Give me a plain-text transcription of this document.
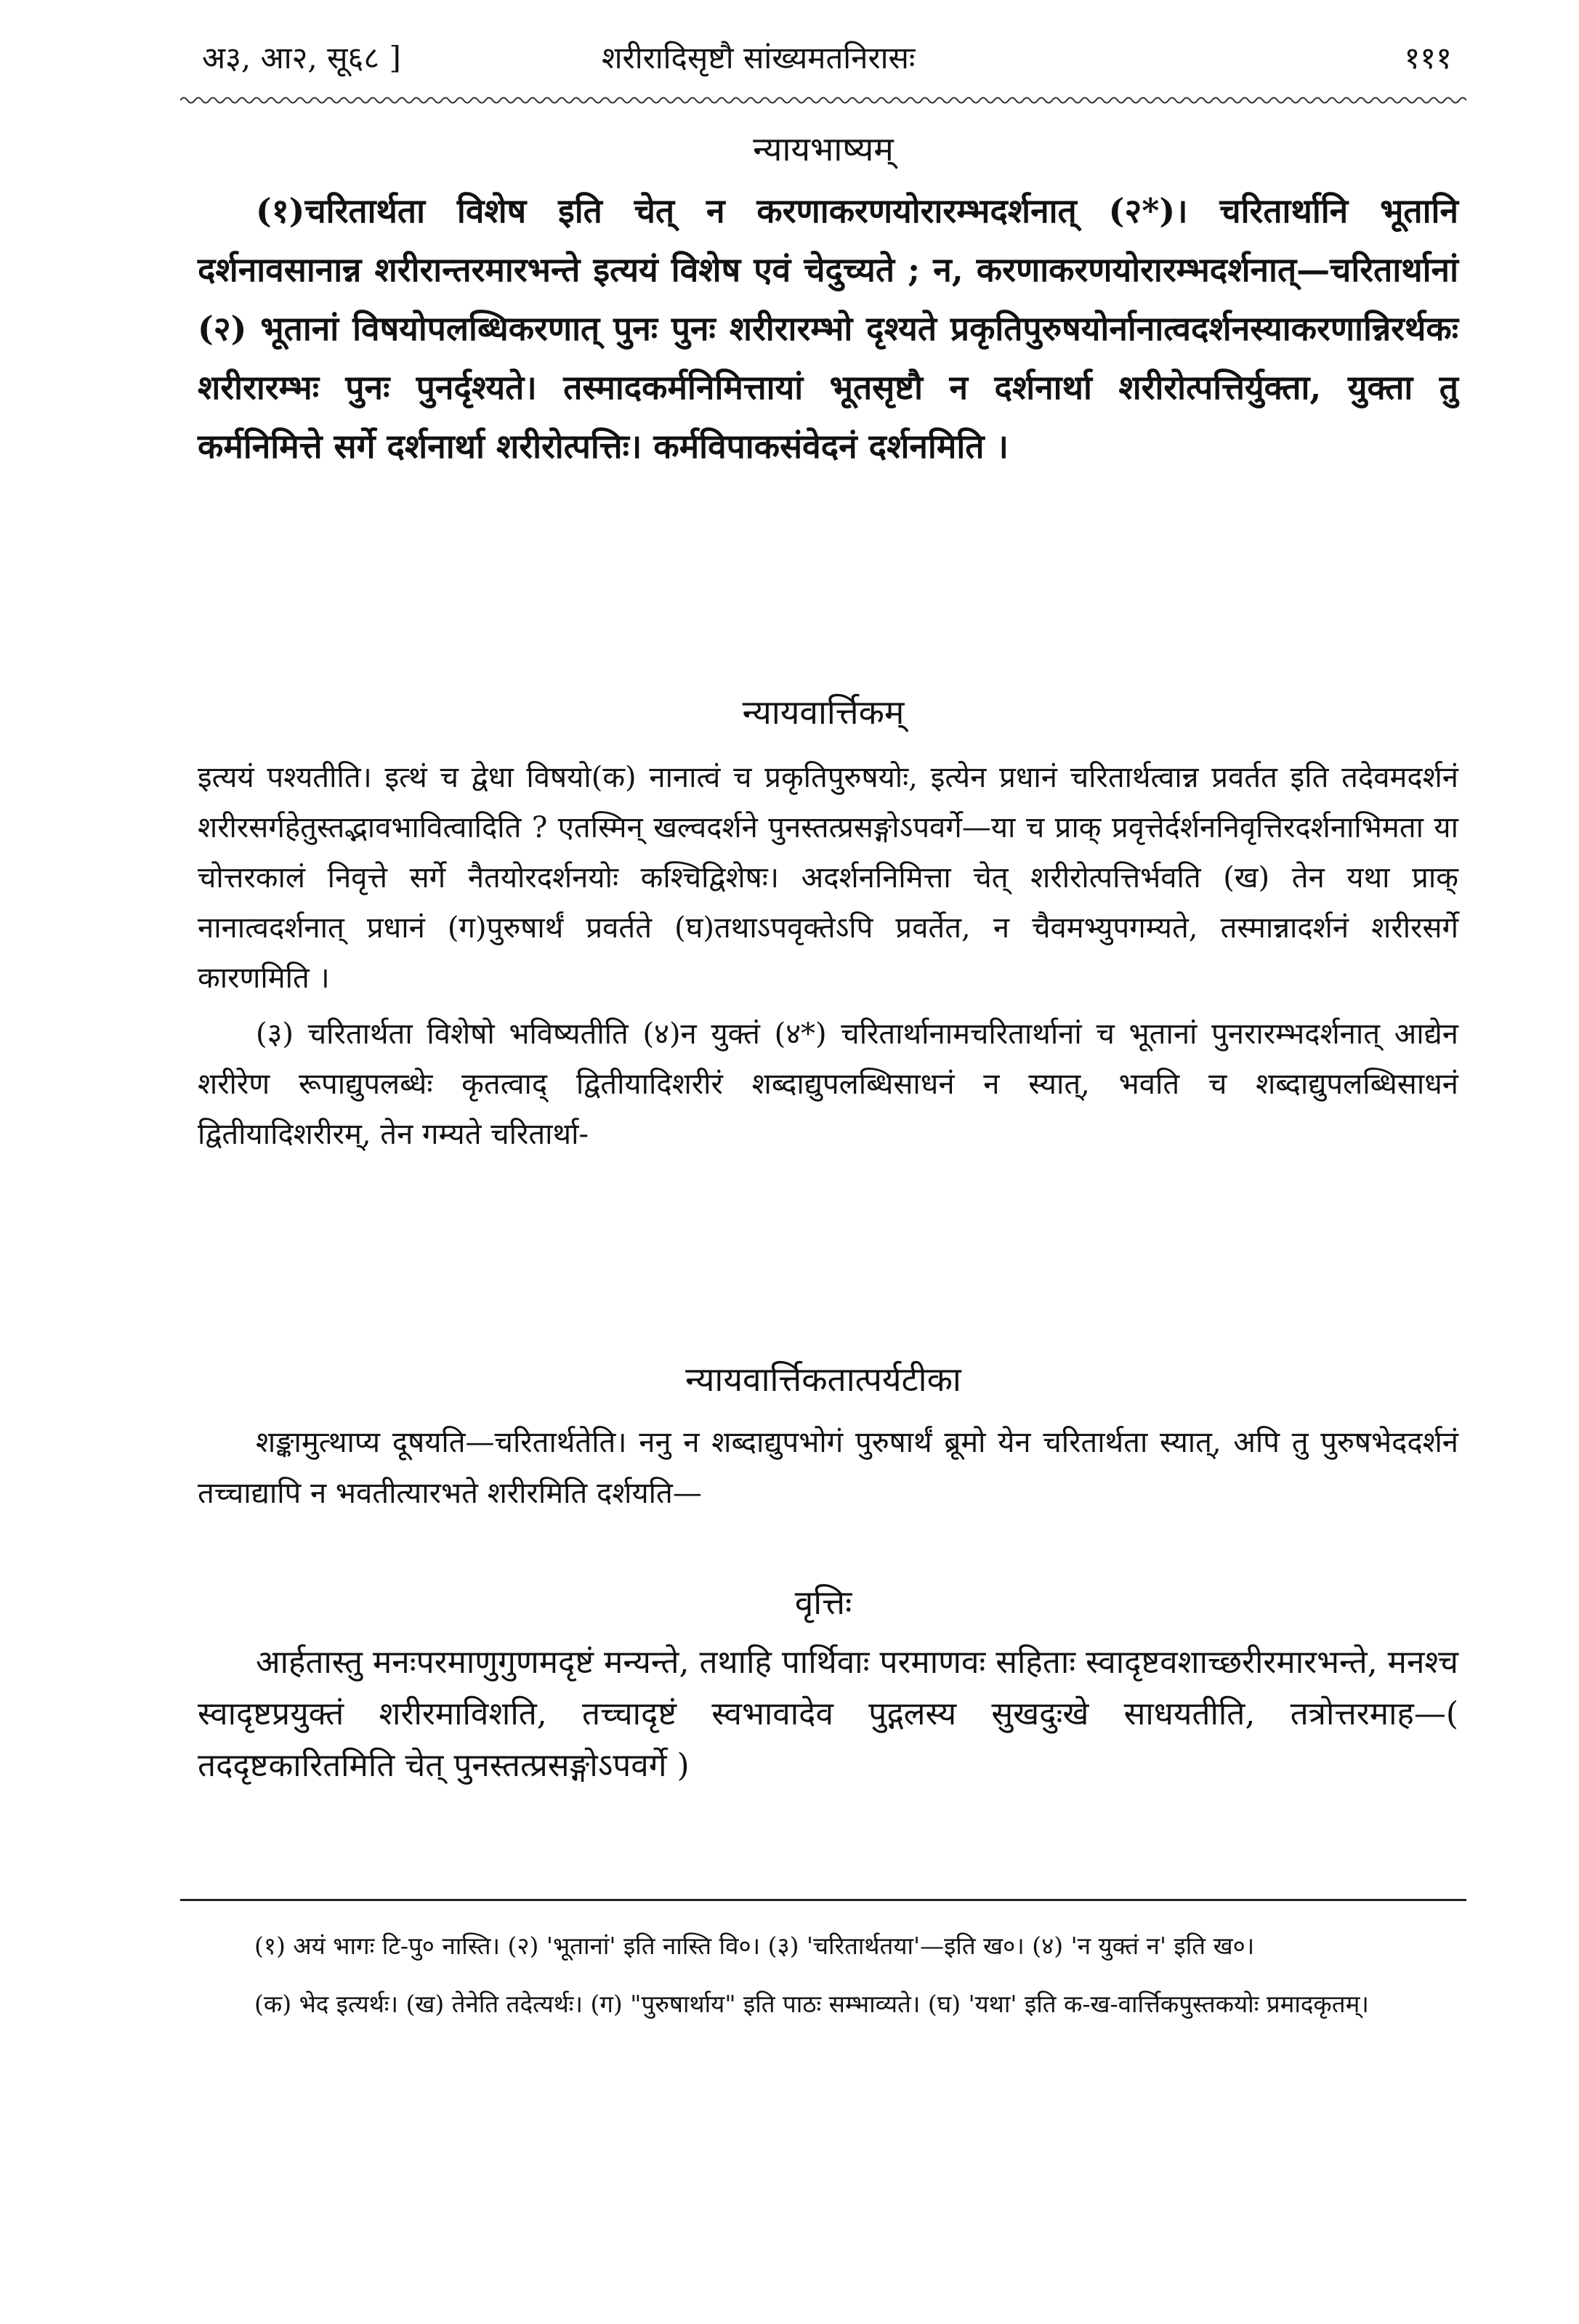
अ३, आ२, सू६८ ]	शरीरादिसृष्टौ सांख्यमतनिरासः	१११
न्यायभाष्यम्

(१)चरितार्थता विशेष इति चेत् न करणाकरणयोरारम्भदर्शनात् (२*)। चरितार्थानि भूतानि दर्शनावसानान्न शरीरान्तरमारभन्ते इत्ययं विशेष एवं चेदुच्यते ; न, करणाकरणयोरारम्भदर्शनात्—चरितार्थानां (२) भूतानां विषयोपलब्धिकरणात् पुनः पुनः शरीरारम्भो दृश्यते प्रकृतिपुरुषयोर्नानात्वदर्शनस्याकरणान्निरर्थकः शरीरारम्भः पुनः पुनर्दृश्यते। तस्मादकर्मनिमित्तायां भूतसृष्टौ न दर्शनार्था शरीरोत्पत्तिर्युक्ता, युक्ता तु कर्मनिमित्ते सर्गे दर्शनार्था शरीरोत्पत्तिः। कर्मविपाकसंवेदनं दर्शनमिति ।

न्यायवार्त्तिकम्

इत्ययं पश्यतीति। इत्थं च द्वेधा विषयो(क) नानात्वं च प्रकृतिपुरुषयोः, इत्येन प्रधानं चरितार्थत्वान्न प्रवर्तत इति तदेवमदर्शनं शरीरसर्गहेतुस्तद्भावभावित्वादिति ? एतस्मिन् खल्वदर्शने पुनस्तत्प्रसङ्गोऽपवर्गे—या च प्राक् प्रवृत्तेर्दर्शननिवृत्तिरदर्शनाभिमता या चोत्तरकालं निवृत्ते सर्गे नैतयोरदर्शनयोः कश्चिद्विशेषः। अदर्शननिमित्ता चेत् शरीरोत्पत्तिर्भवति (ख) तेन यथा प्राक् नानात्वदर्शनात् प्रधानं (ग)पुरुषार्थं प्रवर्तते (घ)तथाऽपवृक्तेऽपि प्रवर्तेत, न चैवमभ्युपगम्यते, तस्मान्नादर्शनं शरीरसर्गे कारणमिति ।

(३) चरितार्थता विशेषो भविष्यतीति (४)न युक्तं (४*) चरितार्थानामचरितार्थानां च भूतानां पुनरारम्भदर्शनात् आद्येन शरीरेण रूपाद्युपलब्धेः कृतत्वाद् द्वितीयादिशरीरं शब्दाद्युपलब्धिसाधनं न स्यात्, भवति च शब्दाद्युपलब्धिसाधनं द्वितीयादिशरीरम्, तेन गम्यते चरितार्था-

न्यायवार्त्तिकतात्पर्यटीका

शङ्कामुत्थाप्य दूषयति—चरितार्थतेति। ननु न शब्दाद्युपभोगं पुरुषार्थं ब्रूमो येन चरितार्थता स्यात्, अपि तु पुरुषभेददर्शनं तच्चाद्यापि न भवतीत्यारभते शरीरमिति दर्शयति—

वृत्तिः

आर्हतास्तु मनःपरमाणुगुणमदृष्टं मन्यन्ते, तथाहि पार्थिवाः परमाणवः सहिताः स्वादृष्टवशाच्छरीरमारभन्ते, मनश्च स्वादृष्टप्रयुक्तं शरीरमाविशति, तच्चादृष्टं स्वभावादेव पुद्गलस्य सुखदुःखे साधयतीति, तत्रोत्तरमाह—( तददृष्टकारितमिति चेत् पुनस्तत्प्रसङ्गोऽपवर्गे )

(१) अयं भागः टि-पु० नास्ति। (२) 'भूतानां' इति नास्ति वि०। (३) 'चरितार्थतया'—इति ख०। (४) 'न युक्तं न' इति ख०।

(क) भेद इत्यर्थः। (ख) तेनेति तदेत्यर्थः। (ग) "पुरुषार्थाय" इति पाठः सम्भाव्यते। (घ) 'यथा' इति क-ख-वार्त्तिकपुस्तकयोः प्रमादकृतम्।
